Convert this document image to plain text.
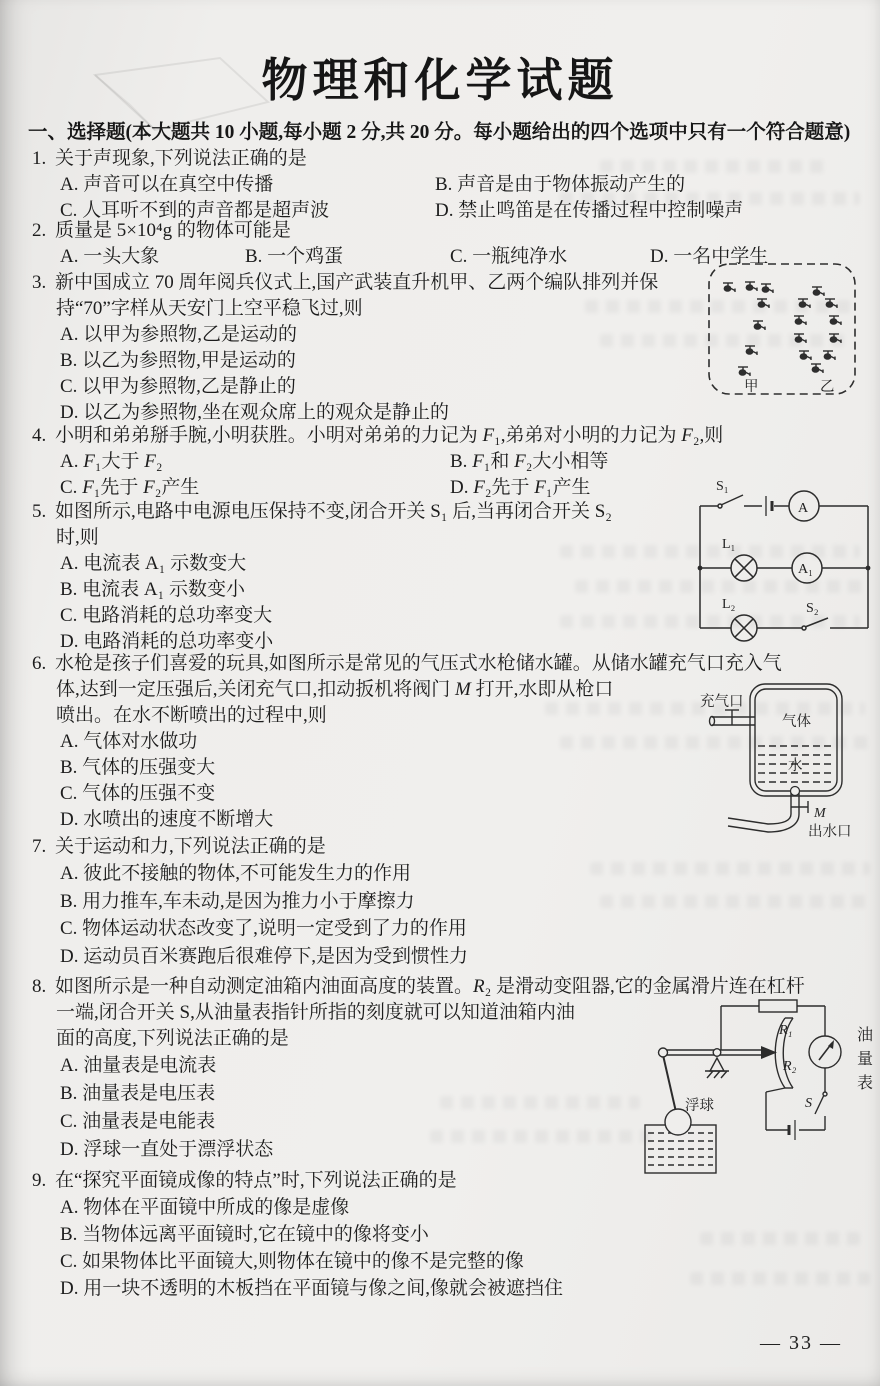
物理和化学试题
一、选择题(本大题共 10 小题,每小题 2 分,共 20 分。每小题给出的四个选项中只有一个符合题意)
1. 关于声现象,下列说法正确的是
A. 声音可以在真空中传播	B. 声音是由于物体振动产生的
C. 人耳听不到的声音都是超声波	D. 禁止鸣笛是在传播过程中控制噪声
2. 质量是 5×10⁴g 的物体可能是
A. 一头大象	B. 一个鸡蛋	C. 一瓶纯净水	D. 一名中学生
3. 新中国成立 70 周年阅兵仪式上,国产武装直升机甲、乙两个编队排列并保
持“70”字样从天安门上空平稳飞过,则
A. 以甲为参照物,乙是运动的
B. 以乙为参照物,甲是运动的
C. 以甲为参照物,乙是静止的
D. 以乙为参照物,坐在观众席上的观众是静止的
甲	乙
4. 小明和弟弟掰手腕,小明获胜。小明对弟弟的力记为 F₁,弟弟对小明的力记为 F₂,则
A. F₁大于 F₂	B. F₁和 F₂大小相等
C. F₁先于 F₂产生	D. F₂先于 F₁产生
5. 如图所示,电路中电源电压保持不变,闭合开关 S₁ 后,当再闭合开关 S₂
时,则
A. 电流表 A₁ 示数变大
B. 电流表 A₁ 示数变小
C. 电路消耗的总功率变大
D. 电路消耗的总功率变小
S₁
A
L₁
A₁
L₂	S₂
6. 水枪是孩子们喜爱的玩具,如图所示是常见的气压式水枪储水罐。从储水罐充气口充入气
体,达到一定压强后,关闭充气口,扣动扳机将阀门 M 打开,水即从枪口
喷出。在水不断喷出的过程中,则
A. 气体对水做功
B. 气体的压强变大
C. 气体的压强不变
D. 水喷出的速度不断增大
充气口
气体
水
M
出水口
7. 关于运动和力,下列说法正确的是
A. 彼此不接触的物体,不可能发生力的作用
B. 用力推车,车未动,是因为推力小于摩擦力
C. 物体运动状态改变了,说明一定受到了力的作用
D. 运动员百米赛跑后很难停下,是因为受到惯性力
8. 如图所示是一种自动测定油箱内油面高度的装置。R₂ 是滑动变阻器,它的金属滑片连在杠杆
一端,闭合开关 S,从油量表指针所指的刻度就可以知道油箱内油
面的高度,下列说法正确的是
A. 油量表是电流表
B. 油量表是电压表
C. 油量表是电能表
D. 浮球一直处于漂浮状态
R₁
R₂
浮球	S
油
量
表
9. 在“探究平面镜成像的特点”时,下列说法正确的是
A. 物体在平面镜中所成的像是虚像
B. 当物体远离平面镜时,它在镜中的像将变小
C. 如果物体比平面镜大,则物体在镜中的像不是完整的像
D. 用一块不透明的木板挡在平面镜与像之间,像就会被遮挡住
— 33 —
